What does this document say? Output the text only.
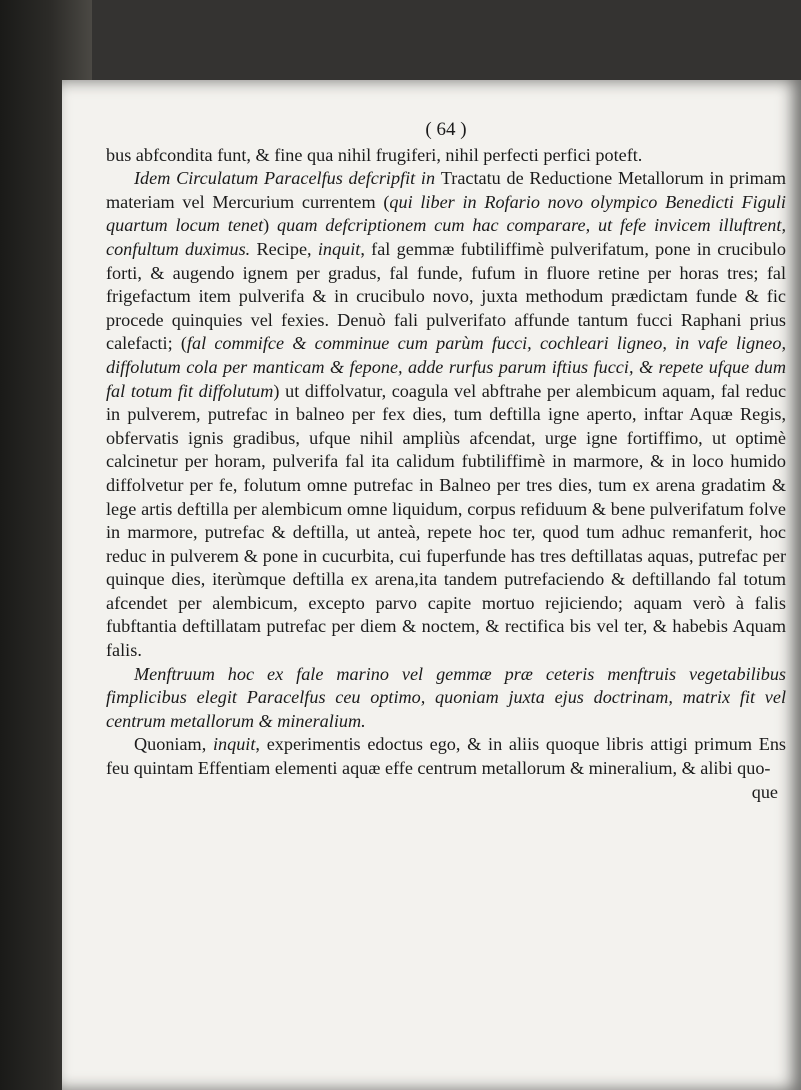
( 64 )

bus abfcondita funt, & fine qua nihil frugiferi, nihil perfecti perfici poteft.

Idem Circulatum Paracelfus defcripfit in Tractatu de Reductione Metallorum in primam materiam vel Mercurium currentem (qui liber in Rofario novo olympico Benedicti Figuli quartum locum tenet) quam defcriptionem cum hac comparare, ut fefe invicem illuftrent, confultum duximus. Recipe, inquit, fal gemmæ fubtiliffimè pulverifatum, pone in crucibulo forti, & augendo ignem per gradus, fal funde, fufum in fluore retine per horas tres; fal frigefactum item pulverifa & in crucibulo novo, juxta methodum prædictam funde & fic procede quinquies vel fexies. Denuò fali pulverifato affunde tantum fucci Raphani prius calefacti; (fal commifce & comminue cum parùm fucci, cochleari ligneo, in vafe ligneo, diffolutum cola per manticam & fepone, adde rurfus parum iftius fucci, & repete ufque dum fal totum fit diffolutum) ut diffolvatur, coagula vel abftrahe per alembicum aquam, fal reduc in pulverem, putrefac in balneo per fex dies, tum deftilla igne aperto, inftar Aquæ Regis, obfervatis ignis gradibus, ufque nihil ampliùs afcendat, urge igne fortiffimo, ut optimè calcinetur per horam, pulverifa fal ita calidum fubtiliffimè in marmore, & in loco humido diffolvetur per fe, folutum omne putrefac in Balneo per tres dies, tum ex arena gradatim & lege artis deftilla per alembicum omne liquidum, corpus refiduum & bene pulverifatum folve in marmore, putrefac & deftilla, ut anteà, repete hoc ter, quod tum adhuc remanferit, hoc reduc in pulverem & pone in cucurbita, cui fuperfunde has tres deftillatas aquas, putrefac per quinque dies, iterùmque deftilla ex arena,ita tandem putrefaciendo & deftillando fal totum afcendet per alembicum, excepto parvo capite mortuo rejiciendo; aquam verò à falis fubftantia deftillatam putrefac per diem & noctem, & rectifica bis vel ter, & habebis Aquam falis.

Menftruum hoc ex fale marino vel gemmæ præ ceteris menftruis vegetabilibus fimplicibus elegit Paracelfus ceu optimo, quoniam juxta ejus doctrinam, matrix fit vel centrum metallorum & mineralium.

Quoniam, inquit, experimentis edoctus ego, & in aliis quoque libris attigi primum Ens feu quintam Effentiam elementi aquæ effe centrum metallorum & mineralium, & alibi quo-

que
